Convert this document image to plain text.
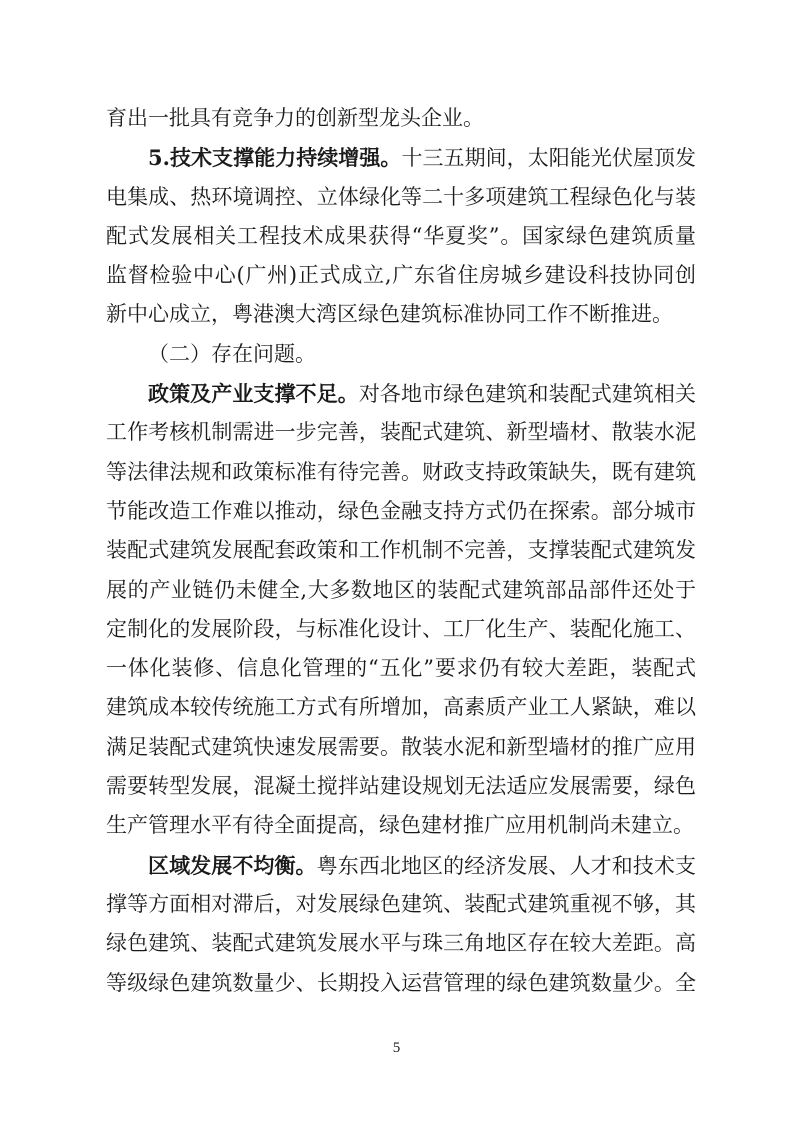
育出一批具有竞争力的创新型龙头企业。
5.技术支撑能力持续增强。十三五期间，太阳能光伏屋顶发
电集成、热环境调控、立体绿化等二十多项建筑工程绿色化与装
配式发展相关工程技术成果获得“华夏奖”。国家绿色建筑质量
监督检验中心(广州)正式成立,广东省住房城乡建设科技协同创
新中心成立，粤港澳大湾区绿色建筑标准协同工作不断推进。
（二）存在问题。
政策及产业支撑不足。对各地市绿色建筑和装配式建筑相关
工作考核机制需进一步完善，装配式建筑、新型墙材、散装水泥
等法律法规和政策标准有待完善。财政支持政策缺失，既有建筑
节能改造工作难以推动，绿色金融支持方式仍在探索。部分城市
装配式建筑发展配套政策和工作机制不完善，支撑装配式建筑发
展的产业链仍未健全,大多数地区的装配式建筑部品部件还处于
定制化的发展阶段，与标准化设计、工厂化生产、装配化施工、
一体化装修、信息化管理的“五化”要求仍有较大差距，装配式
建筑成本较传统施工方式有所增加，高素质产业工人紧缺，难以
满足装配式建筑快速发展需要。散装水泥和新型墙材的推广应用
需要转型发展，混凝土搅拌站建设规划无法适应发展需要，绿色
生产管理水平有待全面提高，绿色建材推广应用机制尚未建立。
区域发展不均衡。粤东西北地区的经济发展、人才和技术支
撑等方面相对滞后，对发展绿色建筑、装配式建筑重视不够，其
绿色建筑、装配式建筑发展水平与珠三角地区存在较大差距。高
等级绿色建筑数量少、长期投入运营管理的绿色建筑数量少。全
5
